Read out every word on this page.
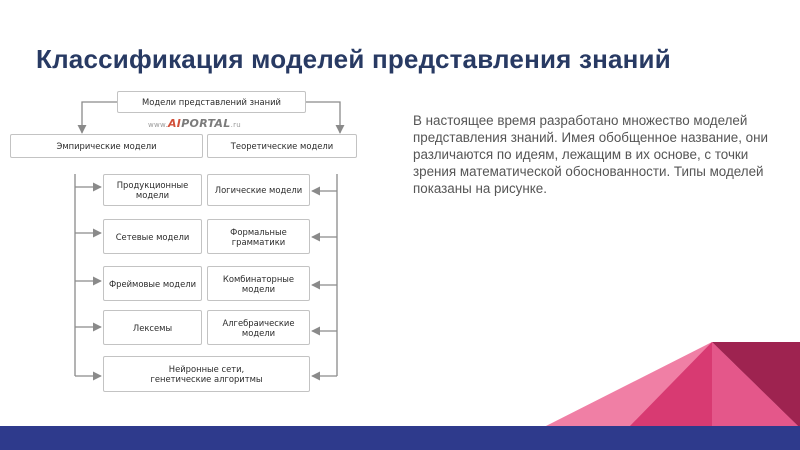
Классификация моделей представления знаний
В настоящее время разработано множество моделей представления знаний. Имея обобщенное название, они различаются по идеям, лежащим в их основе, с точки зрения математической обоснованности. Типы моделей показаны на рисунке.
Модели представлений знаний
www.AIPORTAL.ru
Эмпирические модели	Теоретические модели
Продукционные модели
Сетевые модели
Фреймовые модели
Лексемы
Логические модели
Формальные грамматики
Комбинаторные модели
Алгебраические модели
Нейронные сети, генетические алгоритмы
